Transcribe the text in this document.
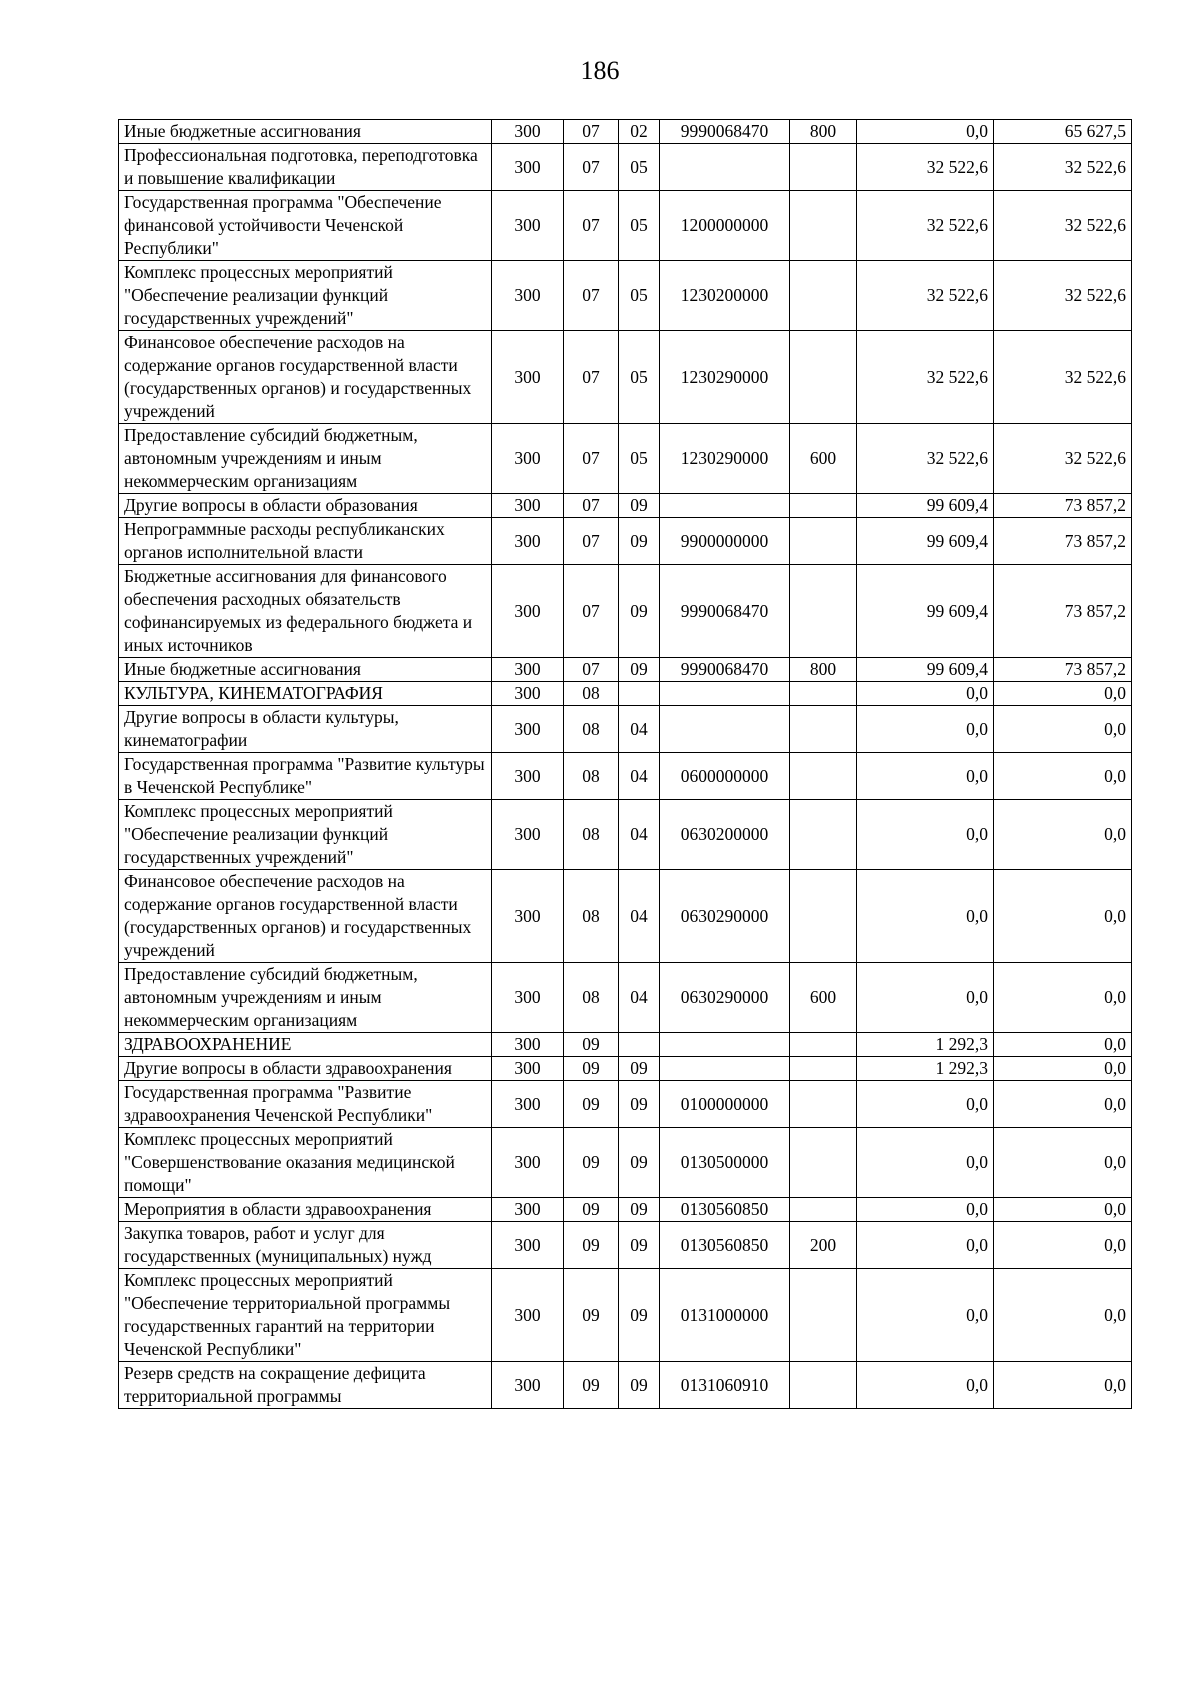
186
Иные бюджетные ассигнования	300	07	02	9990068470	800	0,0	65 627,5
Профессиональная подготовка, переподготовка и повышение квалификации	300	07	05			32 522,6	32 522,6
Государственная программа "Обеспечение финансовой устойчивости Чеченской Республики"	300	07	05	1200000000		32 522,6	32 522,6
Комплекс процессных мероприятий "Обеспечение реализации функций государственных учреждений"	300	07	05	1230200000		32 522,6	32 522,6
Финансовое обеспечение расходов на содержание органов государственной власти (государственных органов) и государственных учреждений	300	07	05	1230290000		32 522,6	32 522,6
Предоставление субсидий бюджетным, автономным учреждениям и иным некоммерческим организациям	300	07	05	1230290000	600	32 522,6	32 522,6
Другие вопросы в области образования	300	07	09			99 609,4	73 857,2
Непрограммные расходы республиканских органов исполнительной власти	300	07	09	9900000000		99 609,4	73 857,2
Бюджетные ассигнования для финансового обеспечения расходных обязательств софинансируемых из федерального бюджета и иных источников	300	07	09	9990068470		99 609,4	73 857,2
Иные бюджетные ассигнования	300	07	09	9990068470	800	99 609,4	73 857,2
КУЛЬТУРА, КИНЕМАТОГРАФИЯ	300	08				0,0	0,0
Другие вопросы в области культуры, кинематографии	300	08	04			0,0	0,0
Государственная программа "Развитие культуры в Чеченской Республике"	300	08	04	0600000000		0,0	0,0
Комплекс процессных мероприятий "Обеспечение реализации функций государственных учреждений"	300	08	04	0630200000		0,0	0,0
Финансовое обеспечение расходов на содержание органов государственной власти (государственных органов) и государственных учреждений	300	08	04	0630290000		0,0	0,0
Предоставление субсидий бюджетным, автономным учреждениям и иным некоммерческим организациям	300	08	04	0630290000	600	0,0	0,0
ЗДРАВООХРАНЕНИЕ	300	09				1 292,3	0,0
Другие вопросы в области здравоохранения	300	09	09			1 292,3	0,0
Государственная программа "Развитие здравоохранения Чеченской Республики"	300	09	09	0100000000		0,0	0,0
Комплекс процессных мероприятий "Совершенствование оказания медицинской помощи"	300	09	09	0130500000		0,0	0,0
Мероприятия в области здравоохранения	300	09	09	0130560850		0,0	0,0
Закупка товаров, работ и услуг для государственных (муниципальных) нужд	300	09	09	0130560850	200	0,0	0,0
Комплекс процессных мероприятий "Обеспечение территориальной программы государственных гарантий на территории Чеченской Республики"	300	09	09	0131000000		0,0	0,0
Резерв средств на сокращение дефицита территориальной программы	300	09	09	0131060910		0,0	0,0
